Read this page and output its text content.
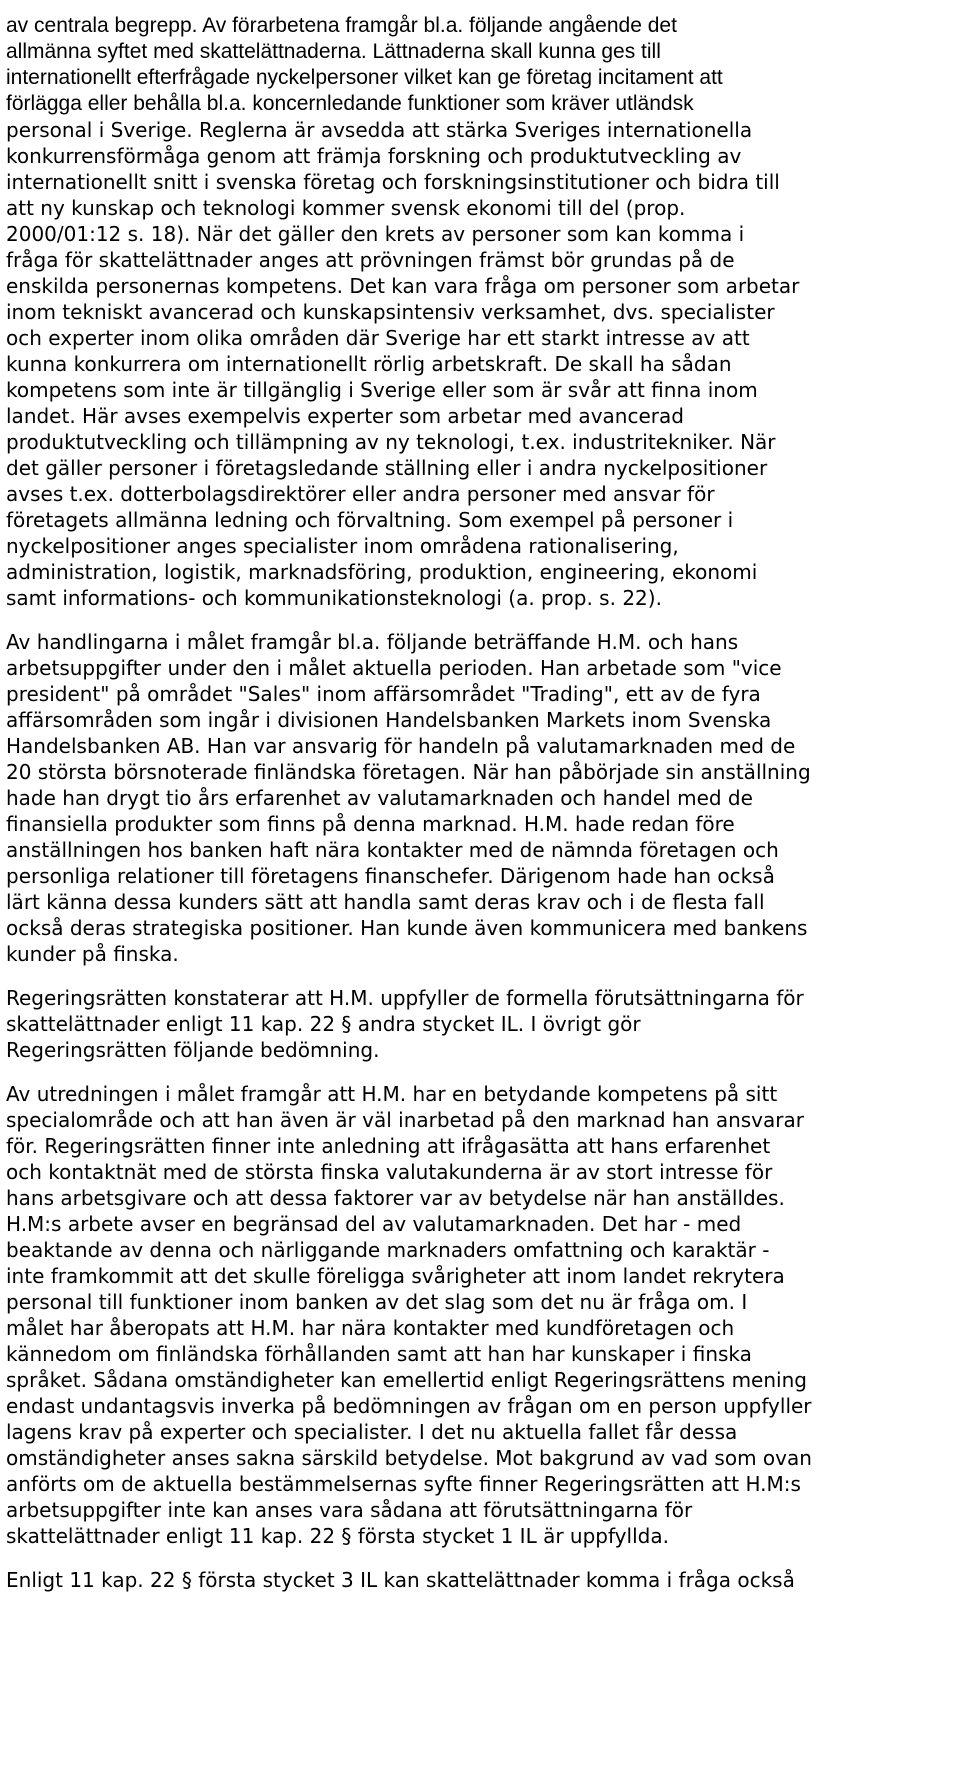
av centrala begrepp. Av förarbetena framgår bl.a. följande angående det
allmänna syftet med skattelättnaderna. Lättnaderna skall kunna ges till
internationellt efterfrågade nyckelpersoner vilket kan ge företag incitament att
förlägga eller behålla bl.a. koncernledande funktioner som kräver utländsk
personal i Sverige. Reglerna är avsedda att stärka Sveriges internationella
konkurrensförmåga genom att främja forskning och produktutveckling av
internationellt snitt i svenska företag och forskningsinstitutioner och bidra till
att ny kunskap och teknologi kommer svensk ekonomi till del (prop.
2000/01:12 s. 18). När det gäller den krets av personer som kan komma i
fråga för skattelättnader anges att prövningen främst bör grundas på de
enskilda personernas kompetens. Det kan vara fråga om personer som arbetar
inom tekniskt avancerad och kunskapsintensiv verksamhet, dvs. specialister
och experter inom olika områden där Sverige har ett starkt intresse av att
kunna konkurrera om internationellt rörlig arbetskraft. De skall ha sådan
kompetens som inte är tillgänglig i Sverige eller som är svår att finna inom
landet. Här avses exempelvis experter som arbetar med avancerad
produktutveckling och tillämpning av ny teknologi, t.ex. industritekniker. När
det gäller personer i företagsledande ställning eller i andra nyckelpositioner
avses t.ex. dotterbolagsdirektörer eller andra personer med ansvar för
företagets allmänna ledning och förvaltning. Som exempel på personer i
nyckelpositioner anges specialister inom områdena rationalisering,
administration, logistik, marknadsföring, produktion, engineering, ekonomi
samt informations- och kommunikationsteknologi (a. prop. s. 22).
Av handlingarna i målet framgår bl.a. följande beträffande H.M. och hans
arbetsuppgifter under den i målet aktuella perioden. Han arbetade som "vice
president" på området "Sales" inom affärsområdet "Trading", ett av de fyra
affärsområden som ingår i divisionen Handelsbanken Markets inom Svenska
Handelsbanken AB. Han var ansvarig för handeln på valutamarknaden med de
20 största börsnoterade finländska företagen. När han påbörjade sin anställning
hade han drygt tio års erfarenhet av valutamarknaden och handel med de
finansiella produkter som finns på denna marknad. H.M. hade redan före
anställningen hos banken haft nära kontakter med de nämnda företagen och
personliga relationer till företagens finanschefer. Därigenom hade han också
lärt känna dessa kunders sätt att handla samt deras krav och i de flesta fall
också deras strategiska positioner. Han kunde även kommunicera med bankens
kunder på finska.
Regeringsrätten konstaterar att H.M. uppfyller de formella förutsättningarna för
skattelättnader enligt 11 kap. 22 § andra stycket IL. I övrigt gör
Regeringsrätten följande bedömning.
Av utredningen i målet framgår att H.M. har en betydande kompetens på sitt
specialområde och att han även är väl inarbetad på den marknad han ansvarar
för. Regeringsrätten finner inte anledning att ifrågasätta att hans erfarenhet
och kontaktnät med de största finska valutakunderna är av stort intresse för
hans arbetsgivare och att dessa faktorer var av betydelse när han anställdes.
H.M:s arbete avser en begränsad del av valutamarknaden. Det har - med
beaktande av denna och närliggande marknaders omfattning och karaktär -
inte framkommit att det skulle föreligga svårigheter att inom landet rekrytera
personal till funktioner inom banken av det slag som det nu är fråga om. I
målet har åberopats att H.M. har nära kontakter med kundföretagen och
kännedom om finländska förhållanden samt att han har kunskaper i finska
språket. Sådana omständigheter kan emellertid enligt Regeringsrättens mening
endast undantagsvis inverka på bedömningen av frågan om en person uppfyller
lagens krav på experter och specialister. I det nu aktuella fallet får dessa
omständigheter anses sakna särskild betydelse. Mot bakgrund av vad som ovan
anförts om de aktuella bestämmelsernas syfte finner Regeringsrätten att H.M:s
arbetsuppgifter inte kan anses vara sådana att förutsättningarna för
skattelättnader enligt 11 kap. 22 § första stycket 1 IL är uppfyllda.
Enligt 11 kap. 22 § första stycket 3 IL kan skattelättnader komma i fråga också
